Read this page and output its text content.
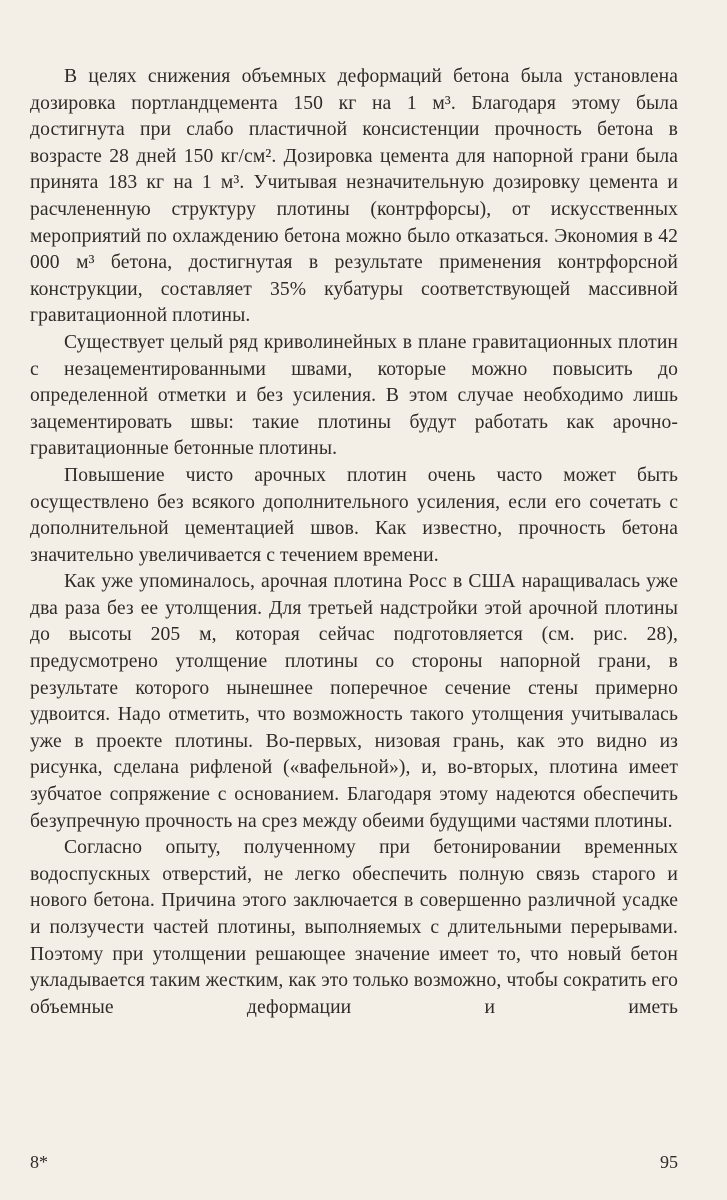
В целях снижения объемных деформаций бетона была установлена дозировка портландцемента 150 кг на 1 м³. Благодаря этому была достигнута при слабо пластичной консистенции прочность бетона в возрасте 28 дней 150 кг/см². Дозировка цемента для напорной грани была принята 183 кг на 1 м³. Учитывая незначительную дозировку цемента и расчлененную структуру плотины (контрфорсы), от искусственных мероприятий по охлаждению бетона можно было отказаться. Экономия в 42 000 м³ бетона, достигнутая в результате применения контрфорсной конструкции, составляет 35% кубатуры соответствующей массивной гравитационной плотины.

Существует целый ряд криволинейных в плане гравитационных плотин с незацементированными швами, которые можно повысить до определенной отметки и без усиления. В этом случае необходимо лишь зацементировать швы: такие плотины будут работать как арочно-гравитационные бетонные плотины.

Повышение чисто арочных плотин очень часто может быть осуществлено без всякого дополнительного усиления, если его сочетать с дополнительной цементацией швов. Как известно, прочность бетона значительно увеличивается с течением времени.

Как уже упоминалось, арочная плотина Росс в США наращивалась уже два раза без ее утолщения. Для третьей надстройки этой арочной плотины до высоты 205 м, которая сейчас подготовляется (см. рис. 28), предусмотрено утолщение плотины со стороны напорной грани, в результате которого нынешнее поперечное сечение стены примерно удвоится. Надо отметить, что возможность такого утолщения учитывалась уже в проекте плотины. Во-первых, низовая грань, как это видно из рисунка, сделана рифленой («вафельной»), и, во-вторых, плотина имеет зубчатое сопряжение с основанием. Благодаря этому надеются обеспечить безупречную прочность на срез между обеими будущими частями плотины.

Согласно опыту, полученному при бетонировании временных водоспускных отверстий, не легко обеспечить полную связь старого и нового бетона. Причина этого заключается в совершенно различной усадке и ползучести частей плотины, выполняемых с длительными перерывами. Поэтому при утолщении решающее значение имеет то, что новый бетон укладывается таким жестким, как это только возможно, чтобы сократить его объемные деформации и иметь

8*	95
